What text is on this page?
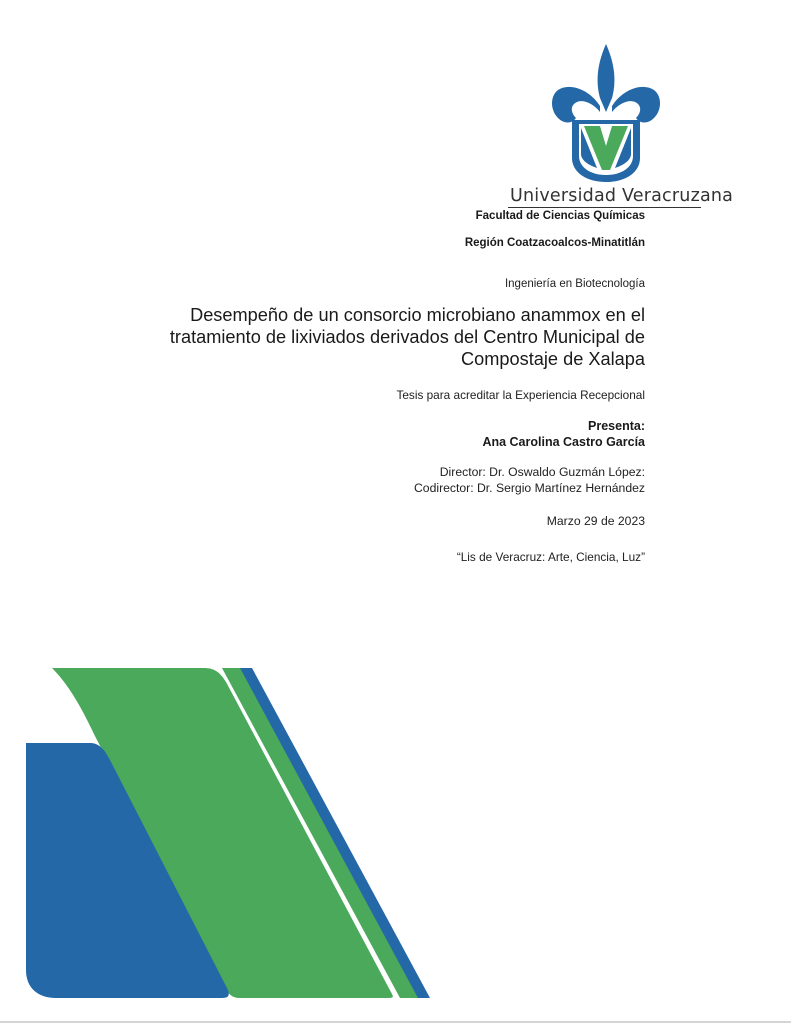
Universidad Veracruzana
Facultad de Ciencias Químicas
Región Coatzacoalcos-Minatitlán
Ingeniería en Biotecnología
Desempeño de un consorcio microbiano anammox en el
tratamiento de lixiviados derivados del Centro Municipal de
Compostaje de Xalapa
Tesis para acreditar la Experiencia Recepcional
Presenta:
Ana Carolina Castro García
Director: Dr. Oswaldo Guzmán López:
Codirector: Dr. Sergio Martínez Hernández
Marzo 29 de 2023
“Lis de Veracruz: Arte, Ciencia, Luz”
